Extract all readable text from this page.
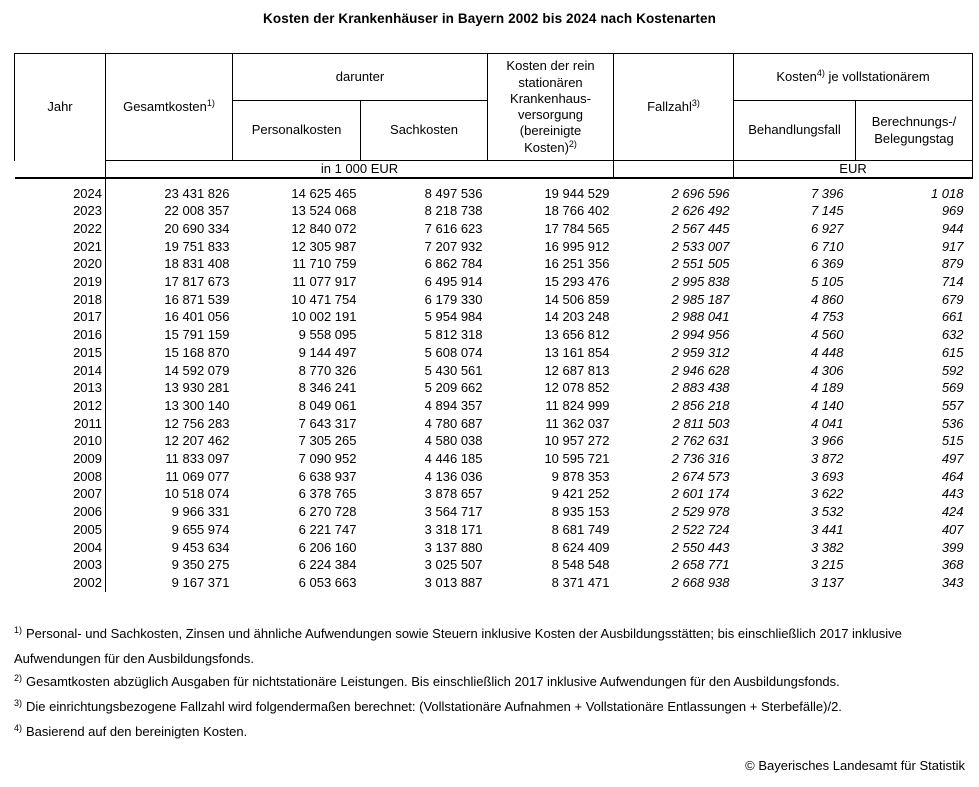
Kosten der Krankenhäuser in Bayern 2002 bis 2024 nach Kostenarten
Jahr	Gesamtkosten$^{1)}$	darunter		Kosten der rein stationären Krankenhaus-versorgung (bereinigte Kosten)$^{2)}$	Fallzahl$^{3)}$	Kosten$^{4)}$ je vollstationärem	
		Personalkosten	Sachkosten			Behandlungsfall	Berechnungs-/
Belegungstag
	in 1 000 EUR					EUR	
2024	23 431 826	14 625 465	8 497 536	19 944 529	2 696 596	7 396	1 018
2023	22 008 357	13 524 068	8 218 738	18 766 402	2 626 492	7 145	969
2022	20 690 334	12 840 072	7 616 623	17 784 565	2 567 445	6 927	944
2021	19 751 833	12 305 987	7 207 932	16 995 912	2 533 007	6 710	917
2020	18 831 408	11 710 759	6 862 784	16 251 356	2 551 505	6 369	879
2019	17 817 673	11 077 917	6 495 914	15 293 476	2 995 838	5 105	714
2018	16 871 539	10 471 754	6 179 330	14 506 859	2 985 187	4 860	679
2017	16 401 056	10 002 191	5 954 984	14 203 248	2 988 041	4 753	661
2016	15 791 159	9 558 095	5 812 318	13 656 812	2 994 956	4 560	632
2015	15 168 870	9 144 497	5 608 074	13 161 854	2 959 312	4 448	615
2014	14 592 079	8 770 326	5 430 561	12 687 813	2 946 628	4 306	592
2013	13 930 281	8 346 241	5 209 662	12 078 852	2 883 438	4 189	569
2012	13 300 140	8 049 061	4 894 357	11 824 999	2 856 218	4 140	557
2011	12 756 283	7 643 317	4 780 687	11 362 037	2 811 503	4 041	536
2010	12 207 462	7 305 265	4 580 038	10 957 272	2 762 631	3 966	515
2009	11 833 097	7 090 952	4 446 185	10 595 721	2 736 316	3 872	497
2008	11 069 077	6 638 937	4 136 036	9 878 353	2 674 573	3 693	464
2007	10 518 074	6 378 765	3 878 657	9 421 252	2 601 174	3 622	443
2006	9 966 331	6 270 728	3 564 717	8 935 153	2 529 978	3 532	424
2005	9 655 974	6 221 747	3 318 171	8 681 749	2 522 724	3 441	407
2004	9 453 634	6 206 160	3 137 880	8 624 409	2 550 443	3 382	399
2003	9 350 275	6 224 384	3 025 507	8 548 548	2 658 771	3 215	368
2002	9 167 371	6 053 663	3 013 887	8 371 471	2 668 938	3 137	343
$^{1)}$ Personal- und Sachkosten, Zinsen und ähnliche Aufwendungen sowie Steuern inklusive Kosten der Ausbildungsstätten; bis einschließlich 2017 inklusive Aufwendungen für den Ausbildungsfonds.
$^{2)}$ Gesamtkosten abzüglich Ausgaben für nichtstationäre Leistungen. Bis einschließlich 2017 inklusive Aufwendungen für den Ausbildungsfonds.
$^{3)}$ Die einrichtungsbezogene Fallzahl wird folgendermaßen berechnet: (Vollstationäre Aufnahmen + Vollstationäre Entlassungen + Sterbefälle)/2.
$^{4)}$ Basierend auf den bereinigten Kosten.
© Bayerisches Landesamt für Statistik
